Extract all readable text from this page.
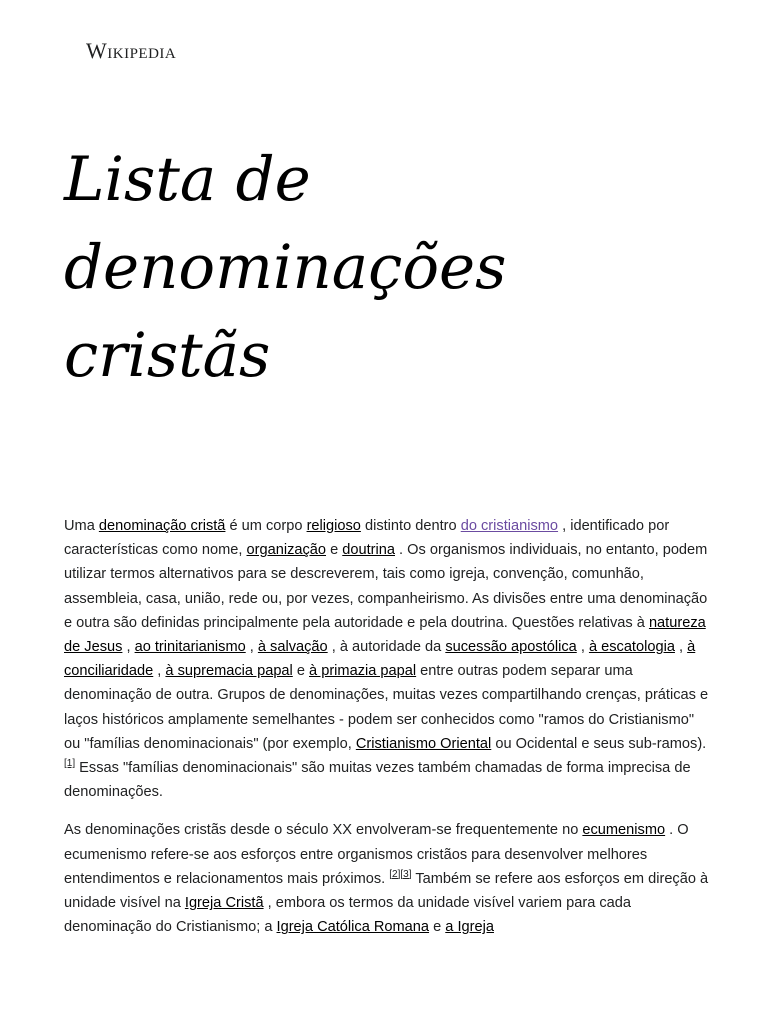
Wikipedia
Lista de denominações cristãs

Uma denominação cristã é um corpo religioso distinto dentro do cristianismo , identificado por características como nome, organização e doutrina . Os organismos individuais, no entanto, podem utilizar termos alternativos para se descreverem, tais como igreja, convenção, comunhão, assembleia, casa, união, rede ou, por vezes, companheirismo. As divisões entre uma denominação e outra são definidas principalmente pela autoridade e pela doutrina. Questões relativas à natureza de Jesus , ao trinitarianismo , à salvação , à autoridade da sucessão apostólica , à escatologia , à conciliaridade , à supremacia papal e à primazia papal entre outras podem separar uma denominação de outra. Grupos de denominações, muitas vezes compartilhando crenças, práticas e laços históricos amplamente semelhantes - podem ser conhecidos como "ramos do Cristianismo" ou "famílias denominacionais" (por exemplo, Cristianismo Oriental ou Ocidental e seus sub-ramos). [1] Essas "famílias denominacionais" são muitas vezes também chamadas de forma imprecisa de denominações.

As denominações cristãs desde o século XX envolveram-se frequentemente no ecumenismo . O ecumenismo refere-se aos esforços entre organismos cristãos para desenvolver melhores entendimentos e relacionamentos mais próximos. [2][3] Também se refere aos esforços em direção à unidade visível na Igreja Cristã , embora os termos da unidade visível variem para cada denominação do Cristianismo; a Igreja Católica Romana e a Igreja
